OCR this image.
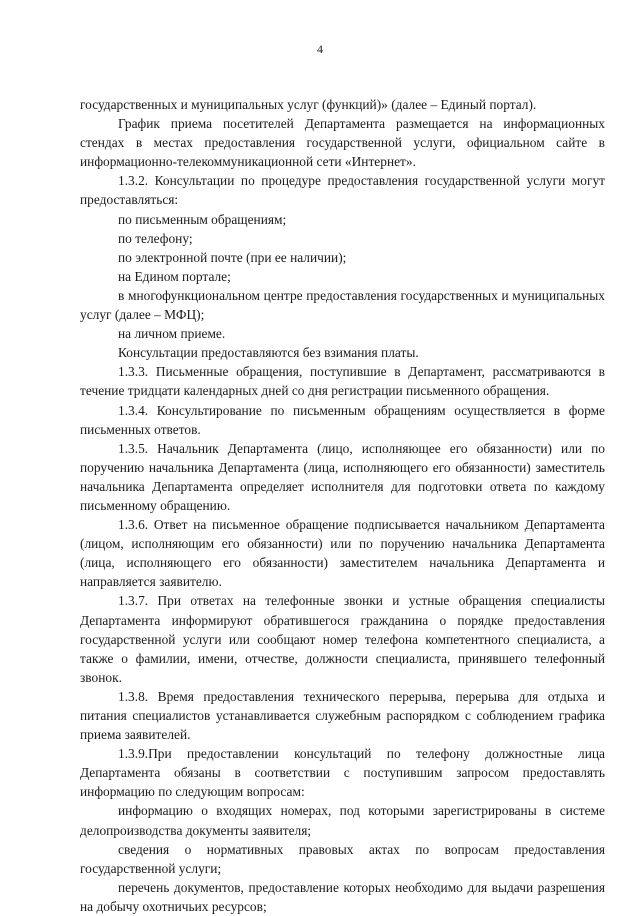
4

государственных и муниципальных услуг (функций)» (далее – Единый портал).

График приема посетителей Департамента размещается на информационных стендах в местах предоставления государственной услуги, официальном сайте в информационно-телекоммуникационной сети «Интернет».

1.3.2. Консультации по процедуре предоставления государственной услуги могут предоставляться:

по письменным обращениям;

по телефону;

по электронной почте (при ее наличии);

на Едином портале;

в многофункциональном центре предоставления государственных и муниципальных услуг (далее – МФЦ);

на личном приеме.

Консультации предоставляются без взимания платы.

1.3.3. Письменные обращения, поступившие в Департамент, рассматриваются в течение тридцати календарных дней со дня регистрации письменного обращения.

1.3.4. Консультирование по письменным обращениям осуществляется в форме письменных ответов.

1.3.5. Начальник Департамента (лицо, исполняющее его обязанности) или по поручению начальника Департамента (лица, исполняющего его обязанности) заместитель начальника Департамента определяет исполнителя для подготовки ответа по каждому письменному обращению.

1.3.6. Ответ на письменное обращение подписывается начальником Департамента (лицом, исполняющим его обязанности) или по поручению начальника Департамента (лица, исполняющего его обязанности) заместителем начальника Департамента и направляется заявителю.

1.3.7. При ответах на телефонные звонки и устные обращения специалисты Департамента информируют обратившегося гражданина о порядке предоставления государственной услуги или сообщают номер телефона компетентного специалиста, а также о фамилии, имени, отчестве, должности специалиста, принявшего телефонный звонок.

1.3.8. Время предоставления технического перерыва, перерыва для отдыха и питания специалистов устанавливается служебным распорядком с соблюдением графика приема заявителей.

1.3.9.При предоставлении консультаций по телефону должностные лица Департамента обязаны в соответствии с поступившим запросом предоставлять информацию по следующим вопросам:

информацию о входящих номерах, под которыми зарегистрированы в системе делопроизводства документы заявителя;

сведения о нормативных правовых актах по вопросам предоставления государственной услуги;

перечень документов, предоставление которых необходимо для выдачи разрешения на добычу охотничьих ресурсов;
